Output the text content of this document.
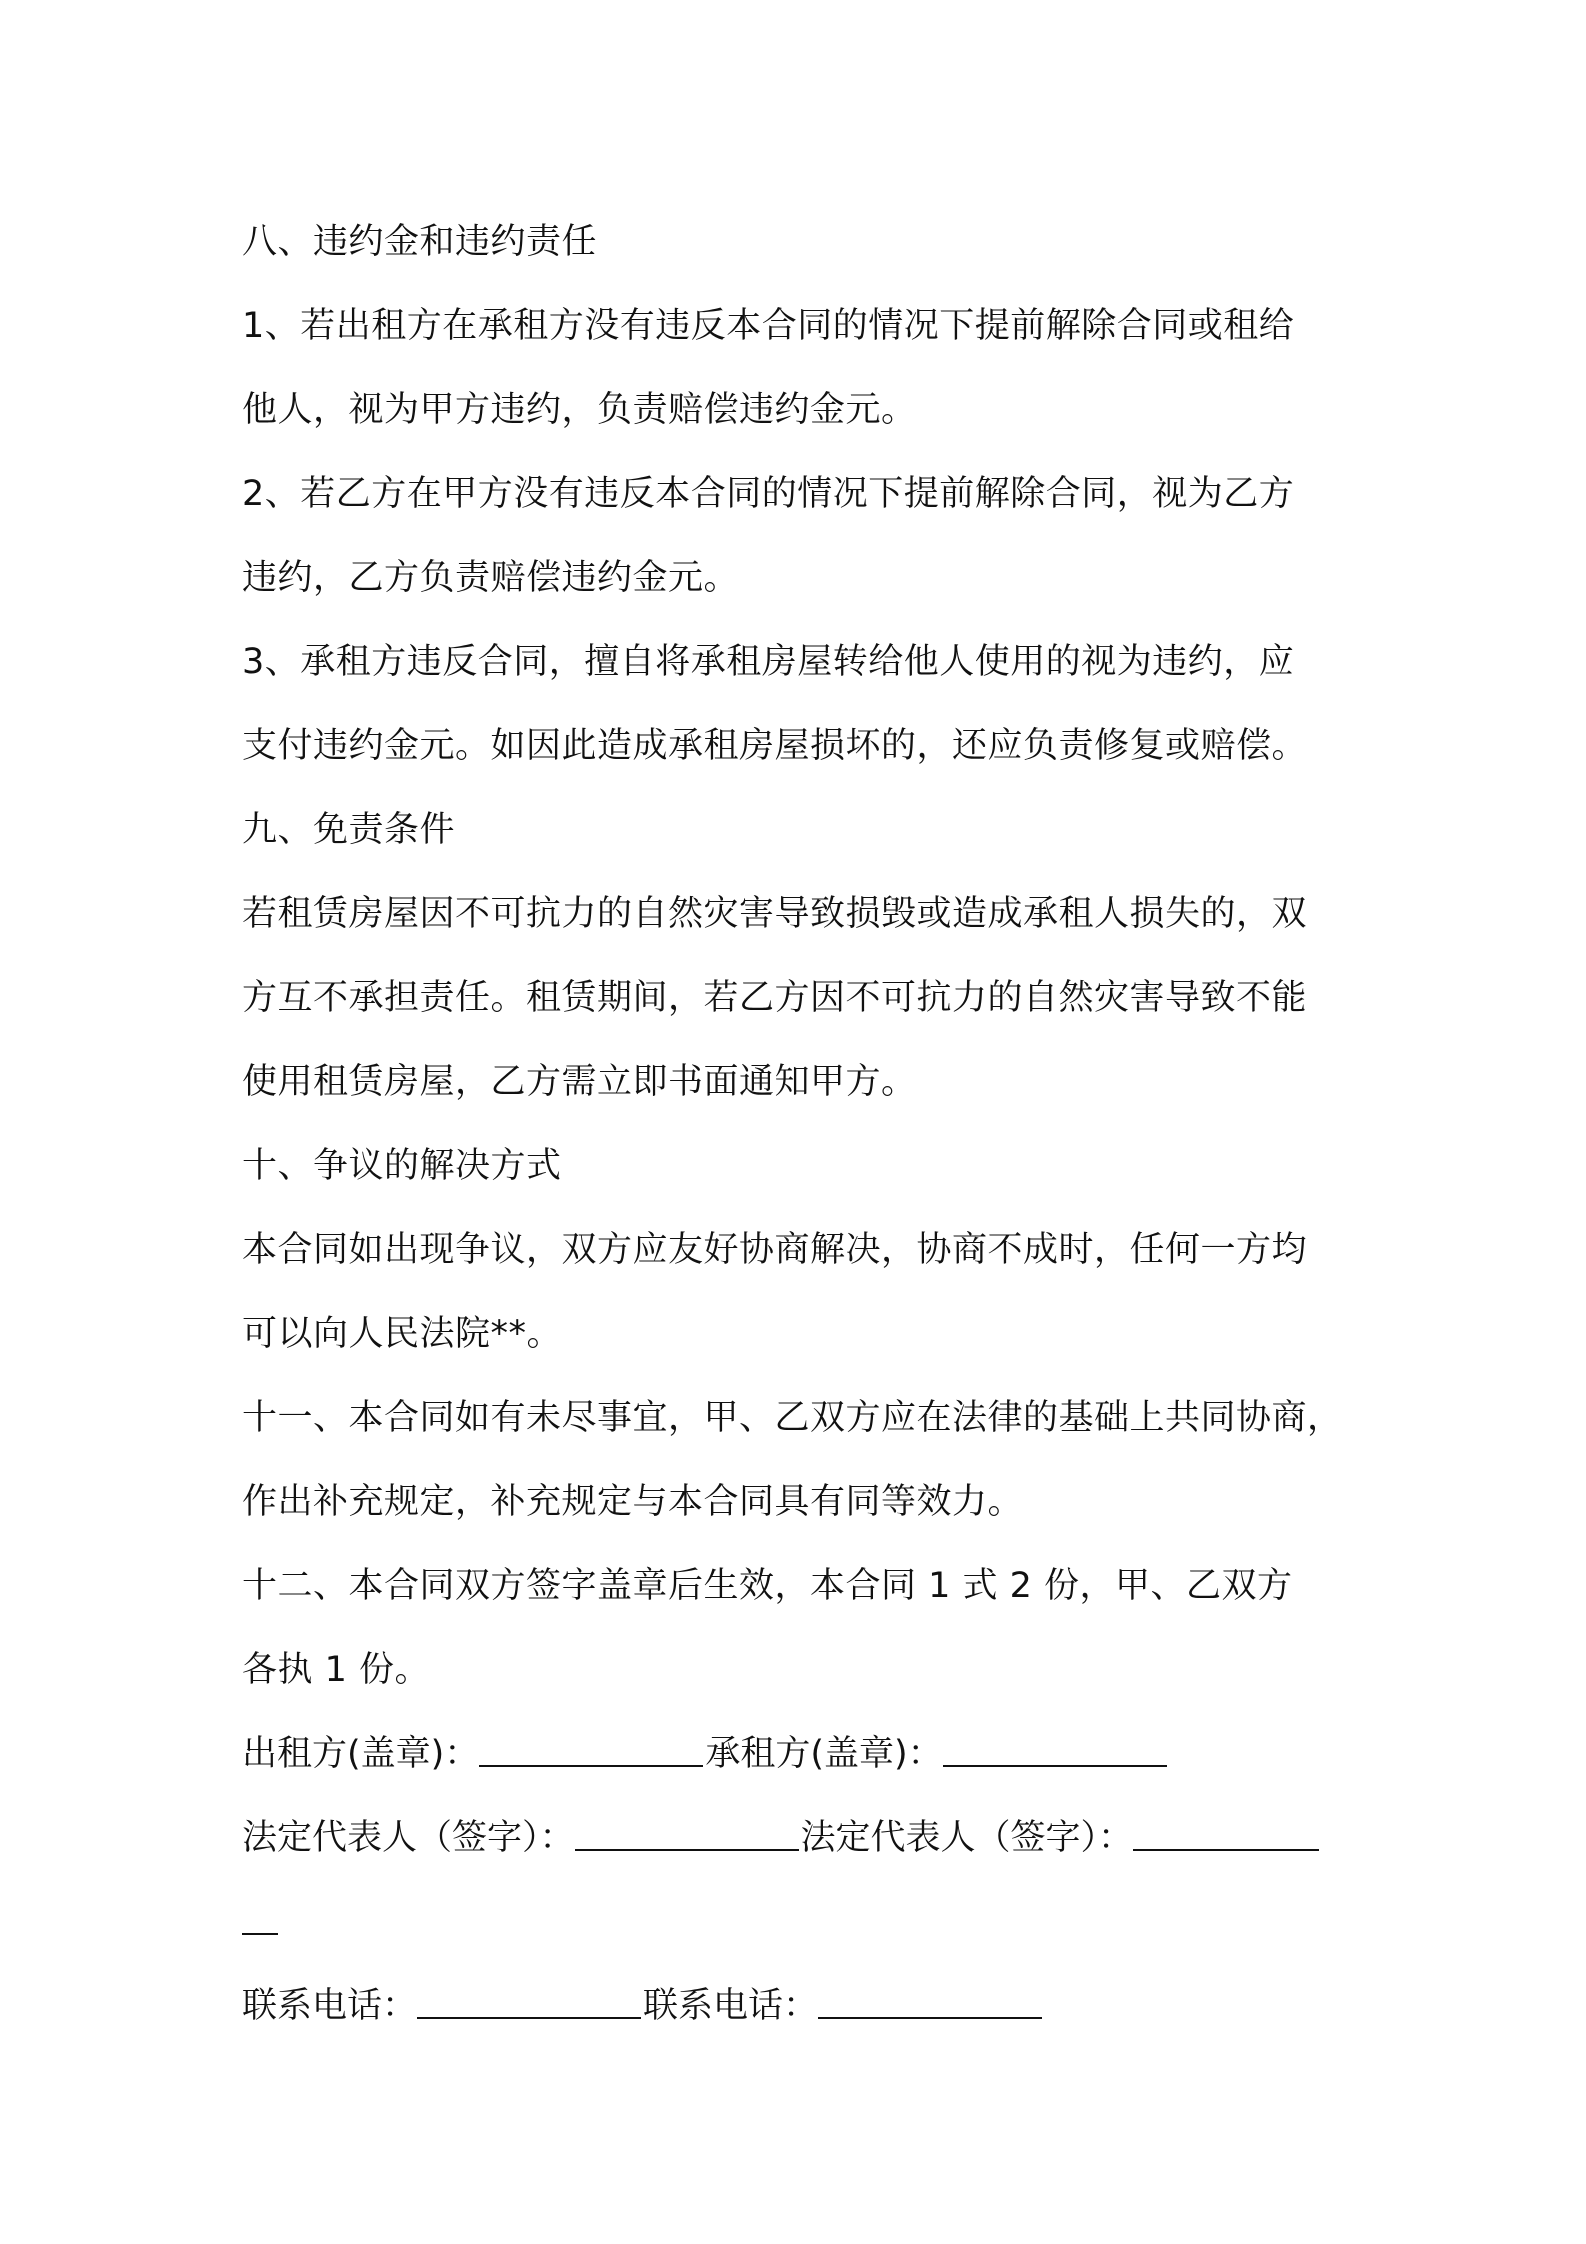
八、违约金和违约责任
1、若出租方在承租方没有违反本合同的情况下提前解除合同或租给
他人，视为甲方违约，负责赔偿违约金元。
2、若乙方在甲方没有违反本合同的情况下提前解除合同，视为乙方
违约，乙方负责赔偿违约金元。
3、承租方违反合同，擅自将承租房屋转给他人使用的视为违约，应
支付违约金元。如因此造成承租房屋损坏的，还应负责修复或赔偿。
九、免责条件
若租赁房屋因不可抗力的自然灾害导致损毁或造成承租人损失的，双
方互不承担责任。租赁期间，若乙方因不可抗力的自然灾害导致不能
使用租赁房屋，乙方需立即书面通知甲方。
十、争议的解决方式
本合同如出现争议，双方应友好协商解决，协商不成时，任何一方均
可以向人民法院**。
十一、本合同如有未尽事宜，甲、乙双方应在法律的基础上共同协商，
作出补充规定，补充规定与本合同具有同等效力。
十二、本合同双方签字盖章后生效，本合同 1 式 2 份，甲、乙双方
各执 1 份。
出租方(盖章)：	承租方(盖章)：
法定代表人（签字）：	法定代表人（签字）：
联系电话：	联系电话：
